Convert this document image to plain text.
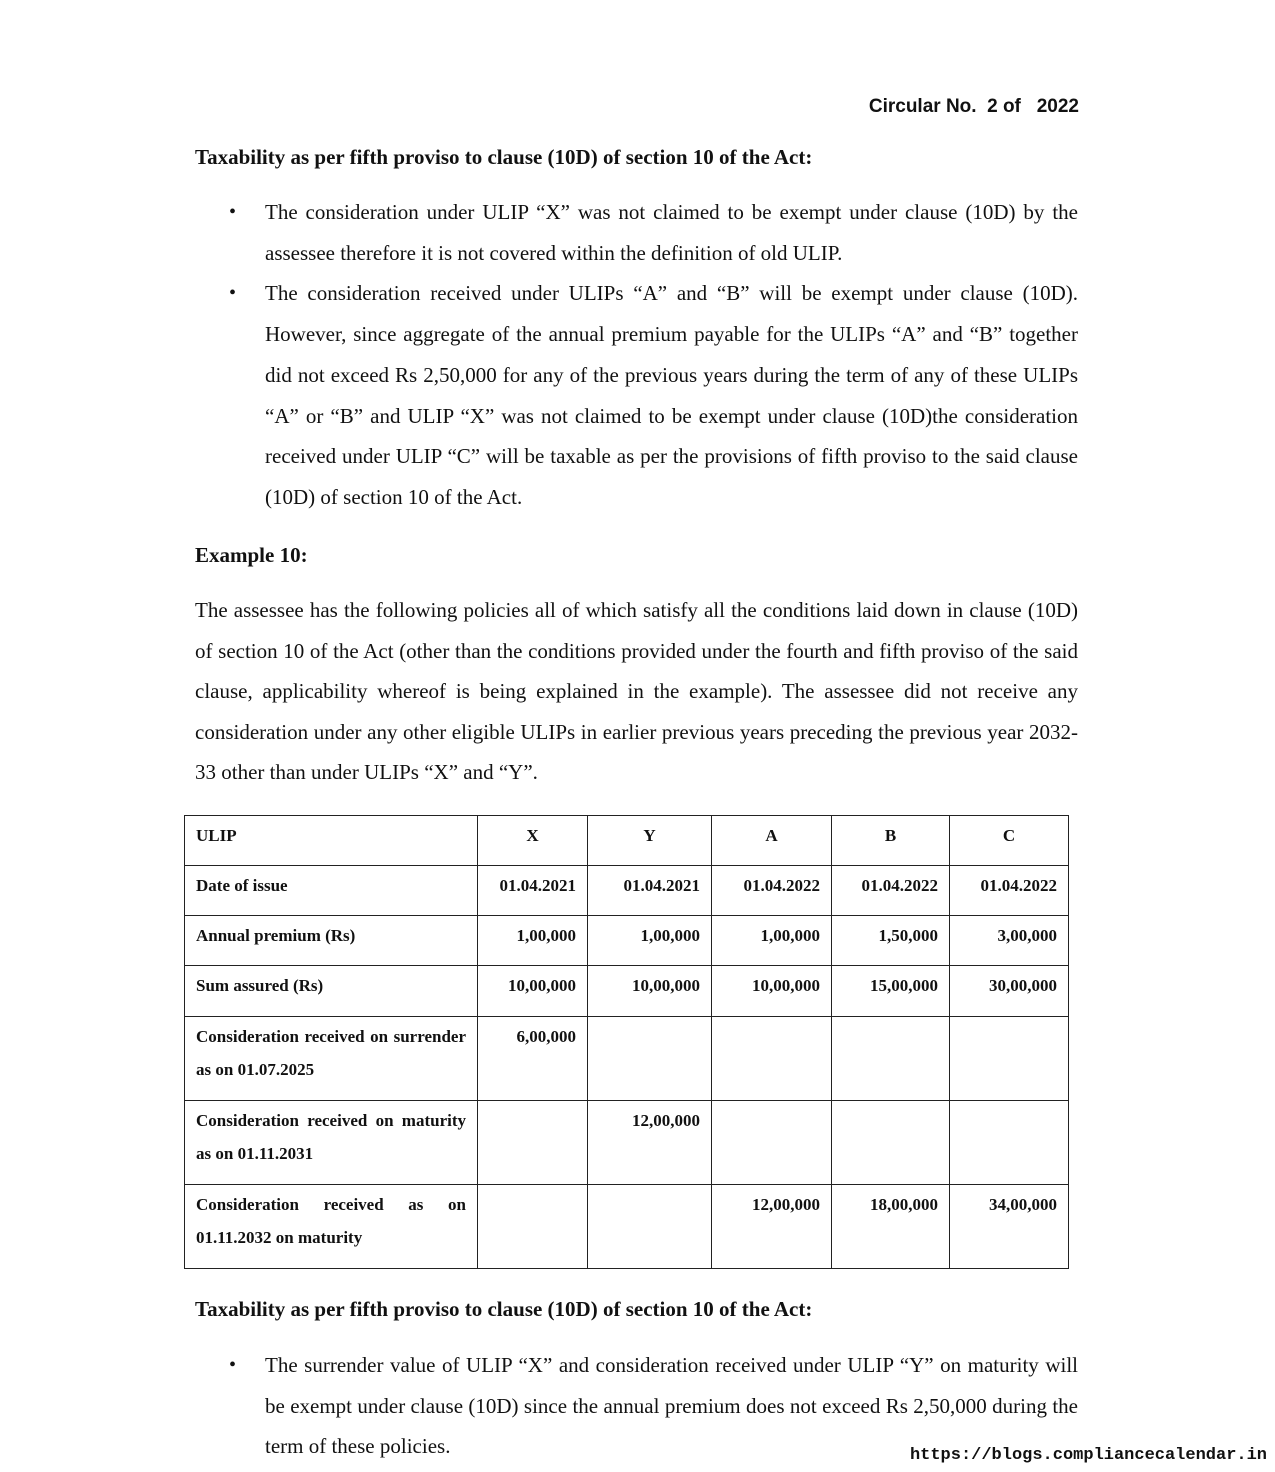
Circular No.  2 of   2022
Taxability as per fifth proviso to clause (10D) of section 10 of the Act:
• The consideration under ULIP “X” was not claimed to be exempt under clause (10D) by the assessee therefore it is not covered within the definition of old ULIP.
• The consideration received under ULIPs “A” and “B” will be exempt under clause (10D). However, since aggregate of the annual premium payable for the ULIPs “A” and “B” together did not exceed Rs 2,50,000 for any of the previous years during the term of any of these ULIPs “A” or “B” and ULIP “X” was not claimed to be exempt under clause (10D)the consideration received under ULIP “C” will be taxable as per the provisions of fifth proviso to the said clause (10D) of section 10 of the Act.
Example 10:
The assessee has the following policies all of which satisfy all the conditions laid down in clause (10D) of section 10 of the Act (other than the conditions provided under the fourth and fifth proviso of the said clause, applicability whereof is being explained in the example). The assessee did not receive any consideration under any other eligible ULIPs in earlier previous years preceding the previous year 2032-33 other than under ULIPs “X” and “Y”.
ULIP	X	Y	A	B	C
Date of issue	01.04.2021	01.04.2021	01.04.2022	01.04.2022	01.04.2022
Annual premium (Rs)	1,00,000	1,00,000	1,00,000	1,50,000	3,00,000
Sum assured (Rs)	10,00,000	10,00,000	10,00,000	15,00,000	30,00,000
Consideration received on surrender as on 01.07.2025	6,00,000				
Consideration received on maturity as on 01.11.2031		12,00,000			
Consideration received as on 01.11.2032 on maturity			12,00,000	18,00,000	34,00,000
Taxability as per fifth proviso to clause (10D) of section 10 of the Act:
• The surrender value of ULIP “X” and consideration received under ULIP “Y” on maturity will be exempt under clause (10D) since the annual premium does not exceed Rs 2,50,000 during the term of these policies.	https://blogs.compliancecalendar.in
